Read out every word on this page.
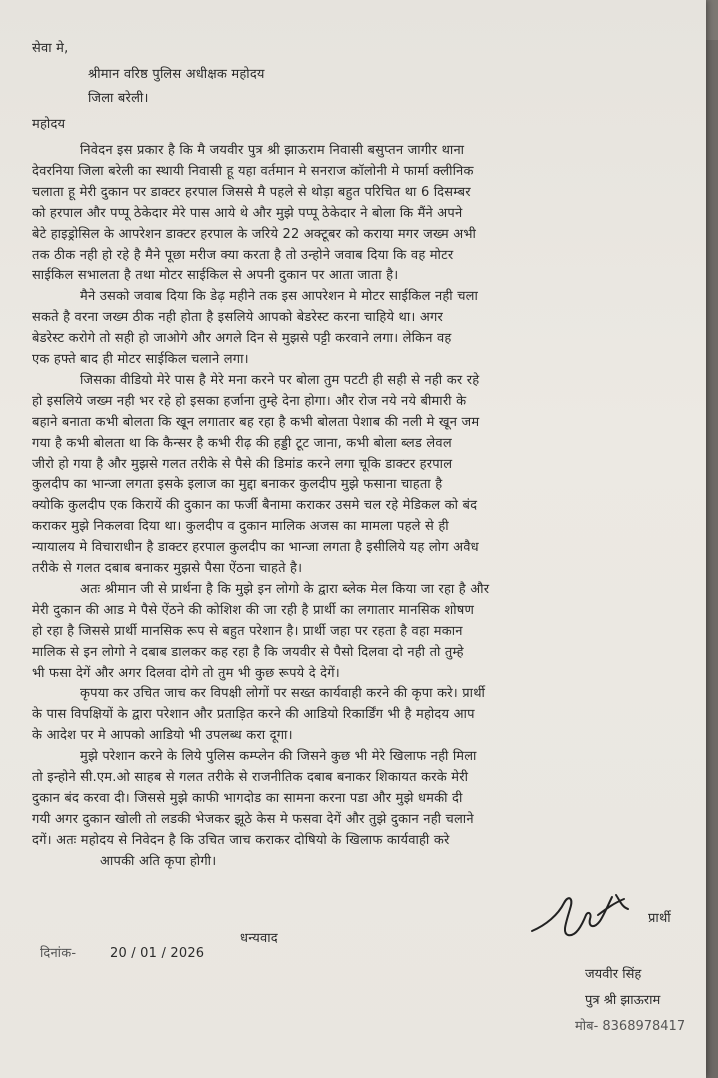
सेवा मे,
श्रीमान वरिष्ठ पुलिस अधीक्षक महोदय
जिला बरेली।
महोदय
निवेदन इस प्रकार है कि मै जयवीर पुत्र श्री झाऊराम निवासी बसुप्तन जागीर थाना
देवरनिया जिला बरेली का स्थायी निवासी हू यहा वर्तमान मे सनराज कॉलोनी मे फार्मा क्लीनिक
चलाता हू मेरी दुकान पर डाक्टर हरपाल जिससे मै पहले से थोड़ा बहुत परिचित था 6 दिसम्बर
को हरपाल और पप्पू ठेकेदार मेरे पास आये थे और मुझे पप्पू ठेकेदार ने बोला कि मैंने अपने
बेटे हाइड्रोसिल के आपरेशन डाक्टर हरपाल के जरिये 22 अक्टूबर को कराया मगर जख्म अभी
तक ठीक नही हो रहे है मैने पूछा मरीज क्या करता है तो उन्होने जवाब दिया कि वह मोटर
साईकिल सभालता है तथा मोटर साईकिल से अपनी दुकान पर आता जाता है।
मैने उसको जवाब दिया कि डेढ़ महीने तक इस आपरेशन मे मोटर साईकिल नही चला
सकते है वरना जख्म ठीक नही होता है इसलिये आपको बेडरेस्ट करना चाहिये था। अगर
बेडरेस्ट करोगे तो सही हो जाओगे और अगले दिन से मुझसे पट्टी करवाने लगा। लेकिन वह
एक हफ्ते बाद ही मोटर साईकिल चलाने लगा।
जिसका वीडियो मेरे पास है मेरे मना करने पर बोला तुम पटटी ही सही से नही कर रहे
हो इसलिये जख्म नही भर रहे हो इसका हर्जाना तुम्हे देना होगा। और रोज नये नये बीमारी के
बहाने बनाता कभी बोलता कि खून लगातार बह रहा है कभी बोलता पेशाब की नली मे खून जम
गया है कभी बोलता था कि कैन्सर है कभी रीढ़ की हड्डी टूट जाना, कभी बोला ब्लड लेवल
जीरो हो गया है और मुझसे गलत तरीके से पैसे की डिमांड करने लगा चूकि डाक्टर हरपाल
कुलदीप का भान्जा लगता इसके इलाज का मुद्दा बनाकर कुलदीप मुझे फसाना चाहता है
क्योकि कुलदीप एक किरायें की दुकान का फर्जी बैनामा कराकर उसमे चल रहे मेडिकल को बंद
कराकर मुझे निकलवा दिया था। कुलदीप व दुकान मालिक अजस का मामला पहले से ही
न्यायालय मे विचाराधीन है डाक्टर हरपाल कुलदीप का भान्जा लगता है इसीलिये यह लोग अवैध
तरीके से गलत दबाब बनाकर मुझसे पैसा ऐंठना चाहते है।
अतः श्रीमान जी से प्रार्थना है कि मुझे इन लोगो के द्वारा ब्लेक मेल किया जा रहा है और
मेरी दुकान की आड मे पैसे ऐंठने की कोशिश की जा रही है प्रार्थी का लगातार मानसिक शोषण
हो रहा है जिससे प्रार्थी मानसिक रूप से बहुत परेशान है। प्रार्थी जहा पर रहता है वहा मकान
मालिक से इन लोगो ने दबाब डालकर कह रहा है कि जयवीर से पैसो दिलवा दो नही तो तुम्हे
भी फसा देगें और अगर दिलवा दोगे तो तुम भी कुछ रूपये दे देगें।
कृपया कर उचित जाच कर विपक्षी लोगों पर सख्त कार्यवाही करने की कृपा करे। प्रार्थी
के पास विपक्षियों के द्वारा परेशान और प्रताड़ित करने की आडियो रिकार्डिंग भी है महोदय आप
के आदेश पर मे आपको आडियो भी उपलब्ध करा दूगा।
मुझे परेशान करने के लिये पुलिस कम्प्लेन की जिसने कुछ भी मेरे खिलाफ नही मिला
तो इन्होने सी.एम.ओ साहब से गलत तरीके से राजनीतिक दबाब बनाकर शिकायत करके मेरी
दुकान बंद करवा दी। जिससे मुझे काफी भागदोड का सामना करना पडा और मुझे धमकी दी
गयी अगर दुकान खोली तो लडकी भेजकर झूठे केस मे फसवा देगें और तुझे दुकान नही चलाने
दगें। अतः महोदय से निवेदन है कि उचित जाच कराकर दोषियो के खिलाफ कार्यवाही करे
आपकी अति कृपा होगी।
धन्यवाद
दिनांक-	20 / 01 / 2026
प्रार्थी
जयवीर सिंह
पुत्र श्री झाऊराम
मोब- 8368978417
